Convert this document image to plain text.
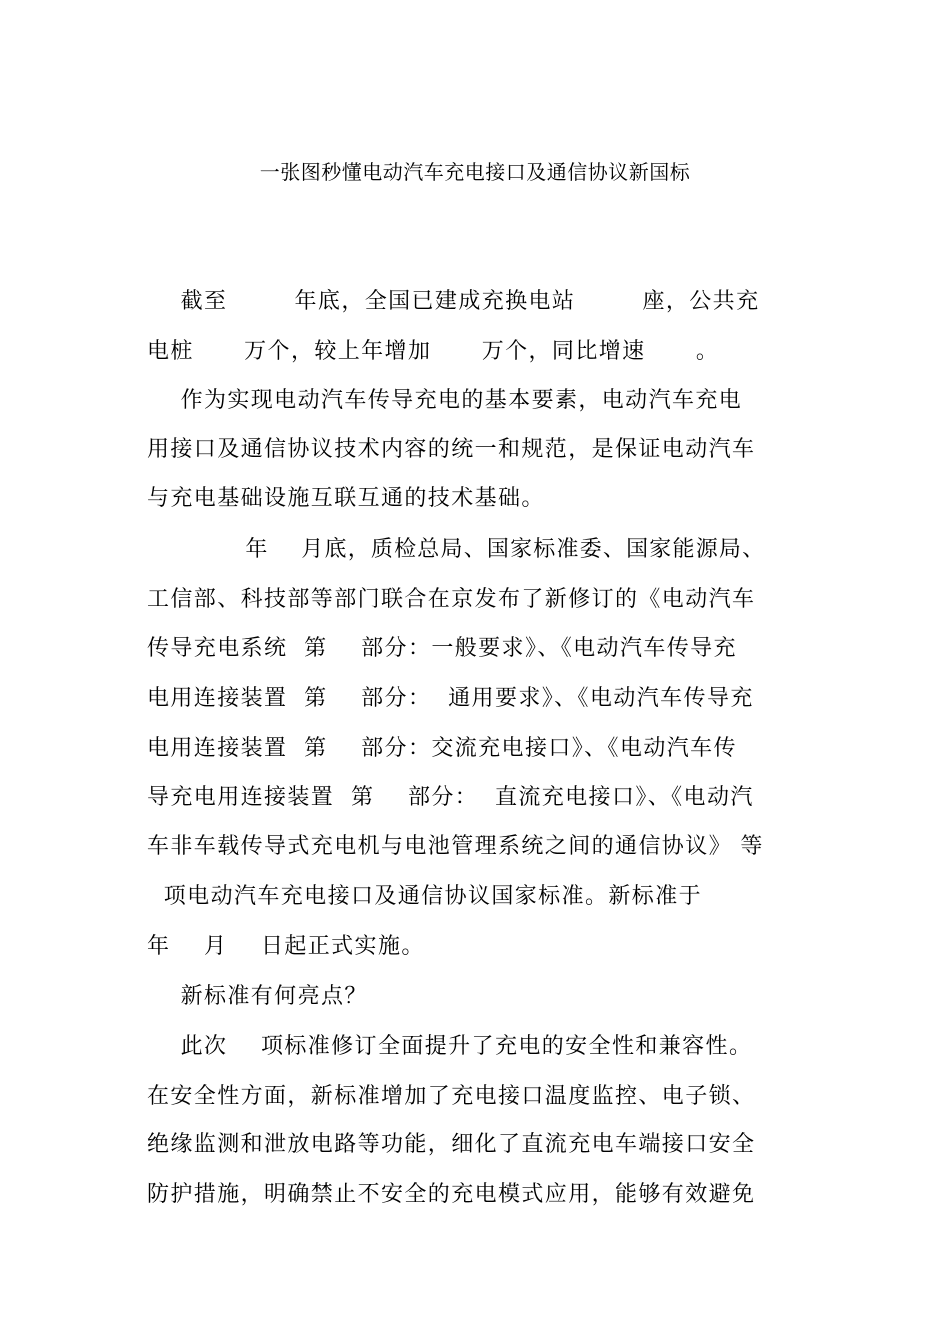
一张图秒懂电动汽车充电接口及通信协议新国标
截至        年底，全国已建成充换电站        座，公共充
电桩      万个，较上年增加      万个，同比增速      。
作为实现电动汽车传导充电的基本要素，电动汽车充电
用接口及通信协议技术内容的统一和规范，是保证电动汽车
与充电基础设施互联互通的技术基础。
年    月底，质检总局、国家标准委、国家能源局、
工信部、科技部等部门联合在京发布了新修订的《电动汽车
传导充电系统  第    部分：一般要求》、《电动汽车传导充
电用连接装置  第    部分：  通用要求》、《电动汽车传导充
电用连接装置  第    部分：交流充电接口》、《电动汽车传
导充电用连接装置  第    部分：  直流充电接口》、《电动汽
车非车载传导式充电机与电池管理系统之间的通信协议》 等
项电动汽车充电接口及通信协议国家标准。新标准于
年    月    日起正式实施。
新标准有何亮点？
此次    项标准修订全面提升了充电的安全性和兼容性。
在安全性方面，新标准增加了充电接口温度监控、电子锁、
绝缘监测和泄放电路等功能，细化了直流充电车端接口安全
防护措施，明确禁止不安全的充电模式应用，能够有效避免
